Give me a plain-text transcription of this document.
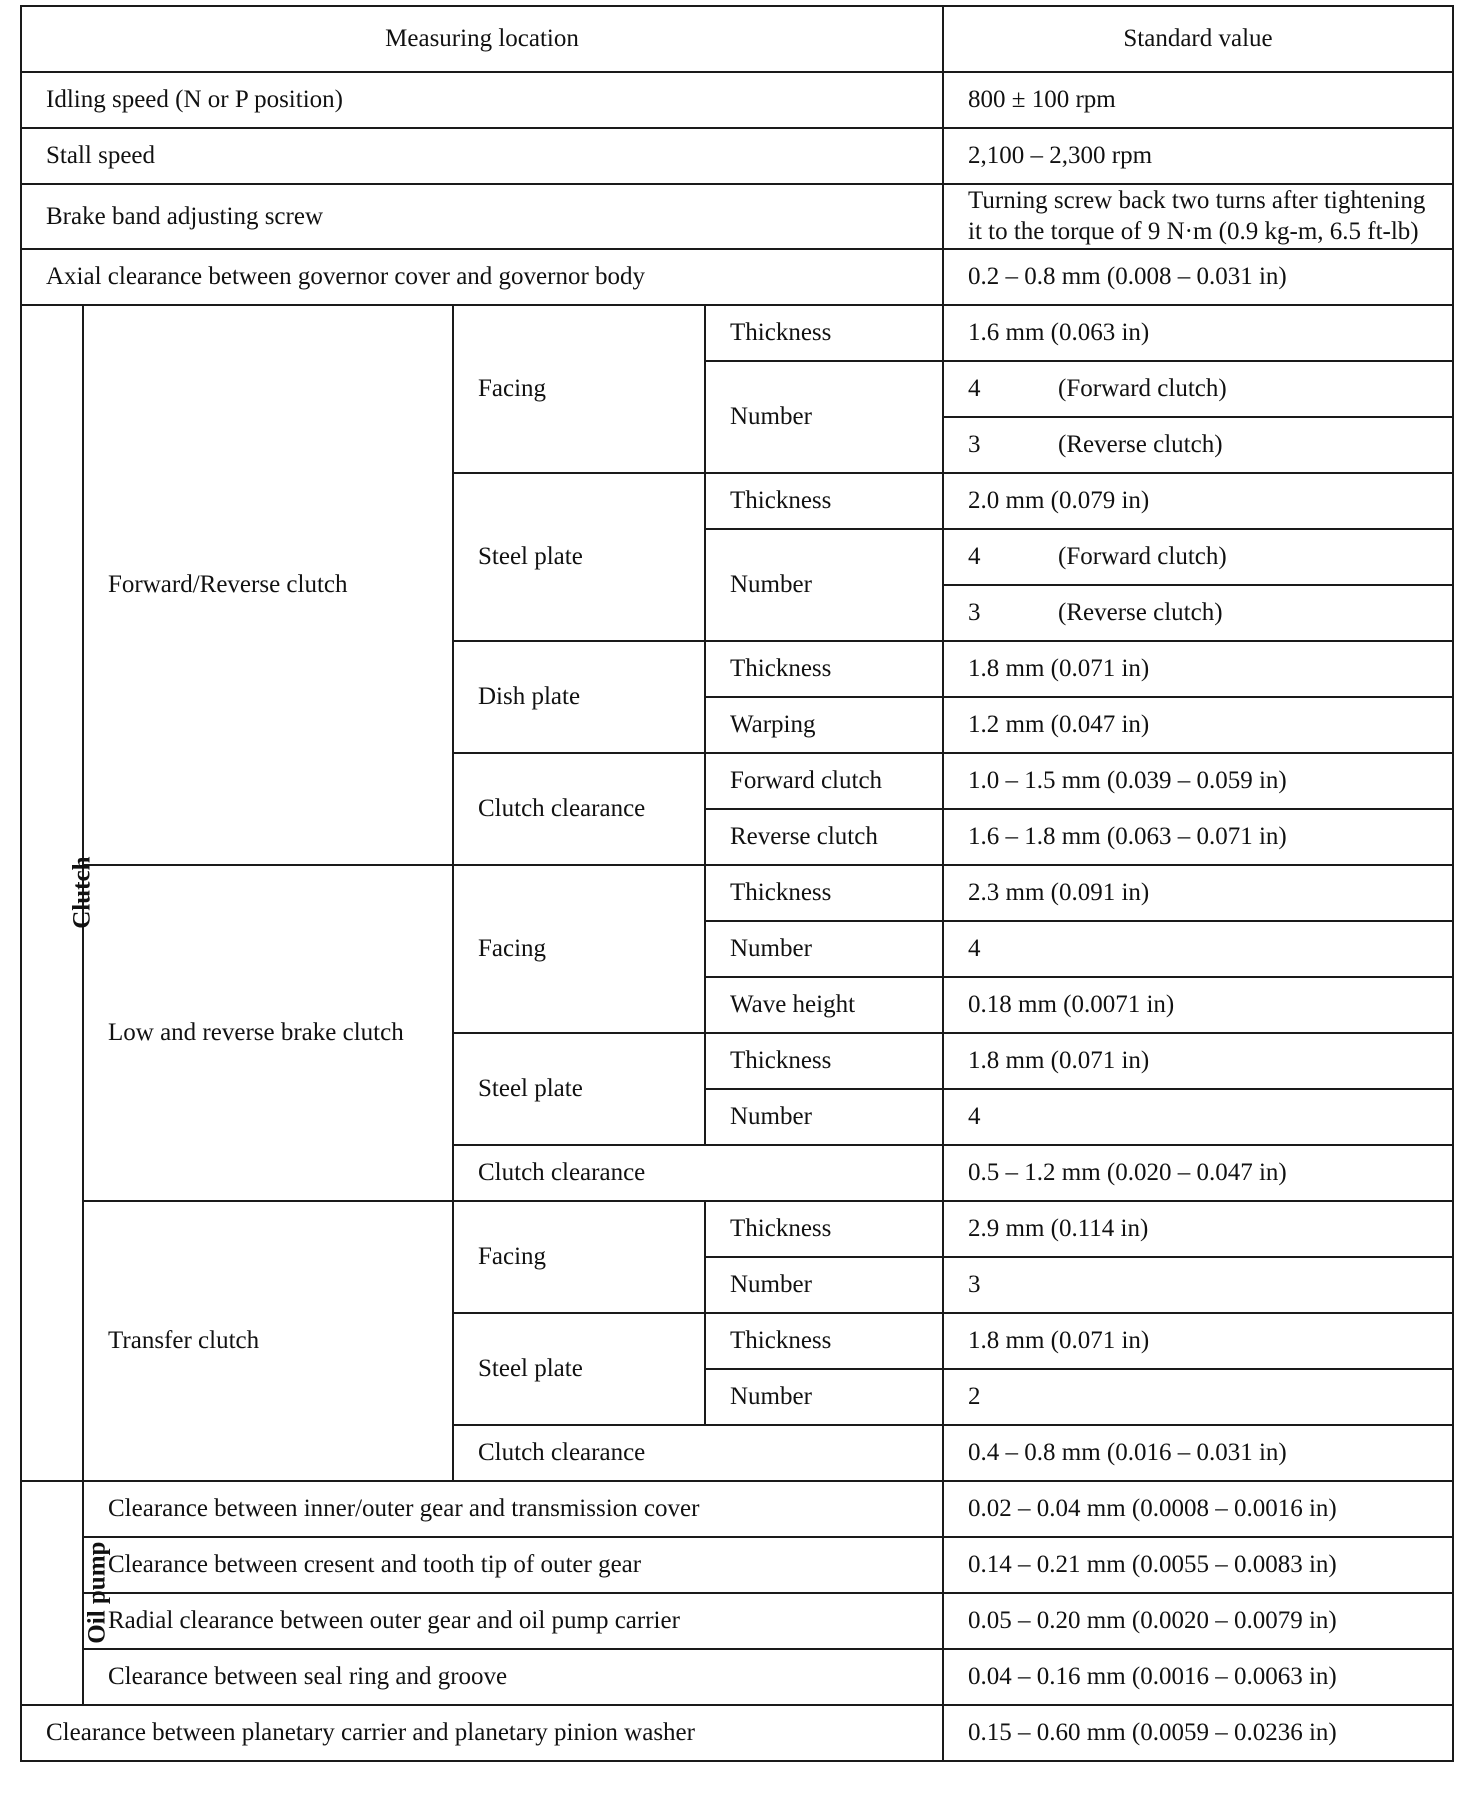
Measuring location				Standard value
Idling speed (N or P position)				800 ± 100 rpm
Stall speed				2,100 – 2,300 rpm
Brake band adjusting screw				Turning screw back two turns after tightening it to the torque of 9 N·m (0.9 kg-m, 6.5 ft-lb)
Axial clearance between governor cover and governor body				0.2 – 0.8 mm (0.008 – 0.031 in)
Clutch	Forward/Reverse clutch	Facing	Thickness	1.6 mm (0.063 in)
			Number	4 (Forward clutch)
				3 (Reverse clutch)
		Steel plate	Thickness	2.0 mm (0.079 in)
			Number	4 (Forward clutch)
				3 (Reverse clutch)
		Dish plate	Thickness	1.8 mm (0.071 in)
			Warping	1.2 mm (0.047 in)
		Clutch clearance	Forward clutch	1.0 – 1.5 mm (0.039 – 0.059 in)
			Reverse clutch	1.6 – 1.8 mm (0.063 – 0.071 in)
	Low and reverse brake clutch	Facing	Thickness	2.3 mm (0.091 in)
			Number	4
			Wave height	0.18 mm (0.0071 in)
		Steel plate	Thickness	1.8 mm (0.071 in)
			Number	4
		Clutch clearance		0.5 – 1.2 mm (0.020 – 0.047 in)
	Transfer clutch	Facing	Thickness	2.9 mm (0.114 in)
			Number	3
		Steel plate	Thickness	1.8 mm (0.071 in)
			Number	2
		Clutch clearance		0.4 – 0.8 mm (0.016 – 0.031 in)
Oil pump	Clearance between inner/outer gear and transmission cover			0.02 – 0.04 mm (0.0008 – 0.0016 in)
	Clearance between cresent and tooth tip of outer gear			0.14 – 0.21 mm (0.0055 – 0.0083 in)
	Radial clearance between outer gear and oil pump carrier			0.05 – 0.20 mm (0.0020 – 0.0079 in)
	Clearance between seal ring and groove			0.04 – 0.16 mm (0.0016 – 0.0063 in)
Clearance between planetary carrier and planetary pinion washer				0.15 – 0.60 mm (0.0059 – 0.0236 in)
